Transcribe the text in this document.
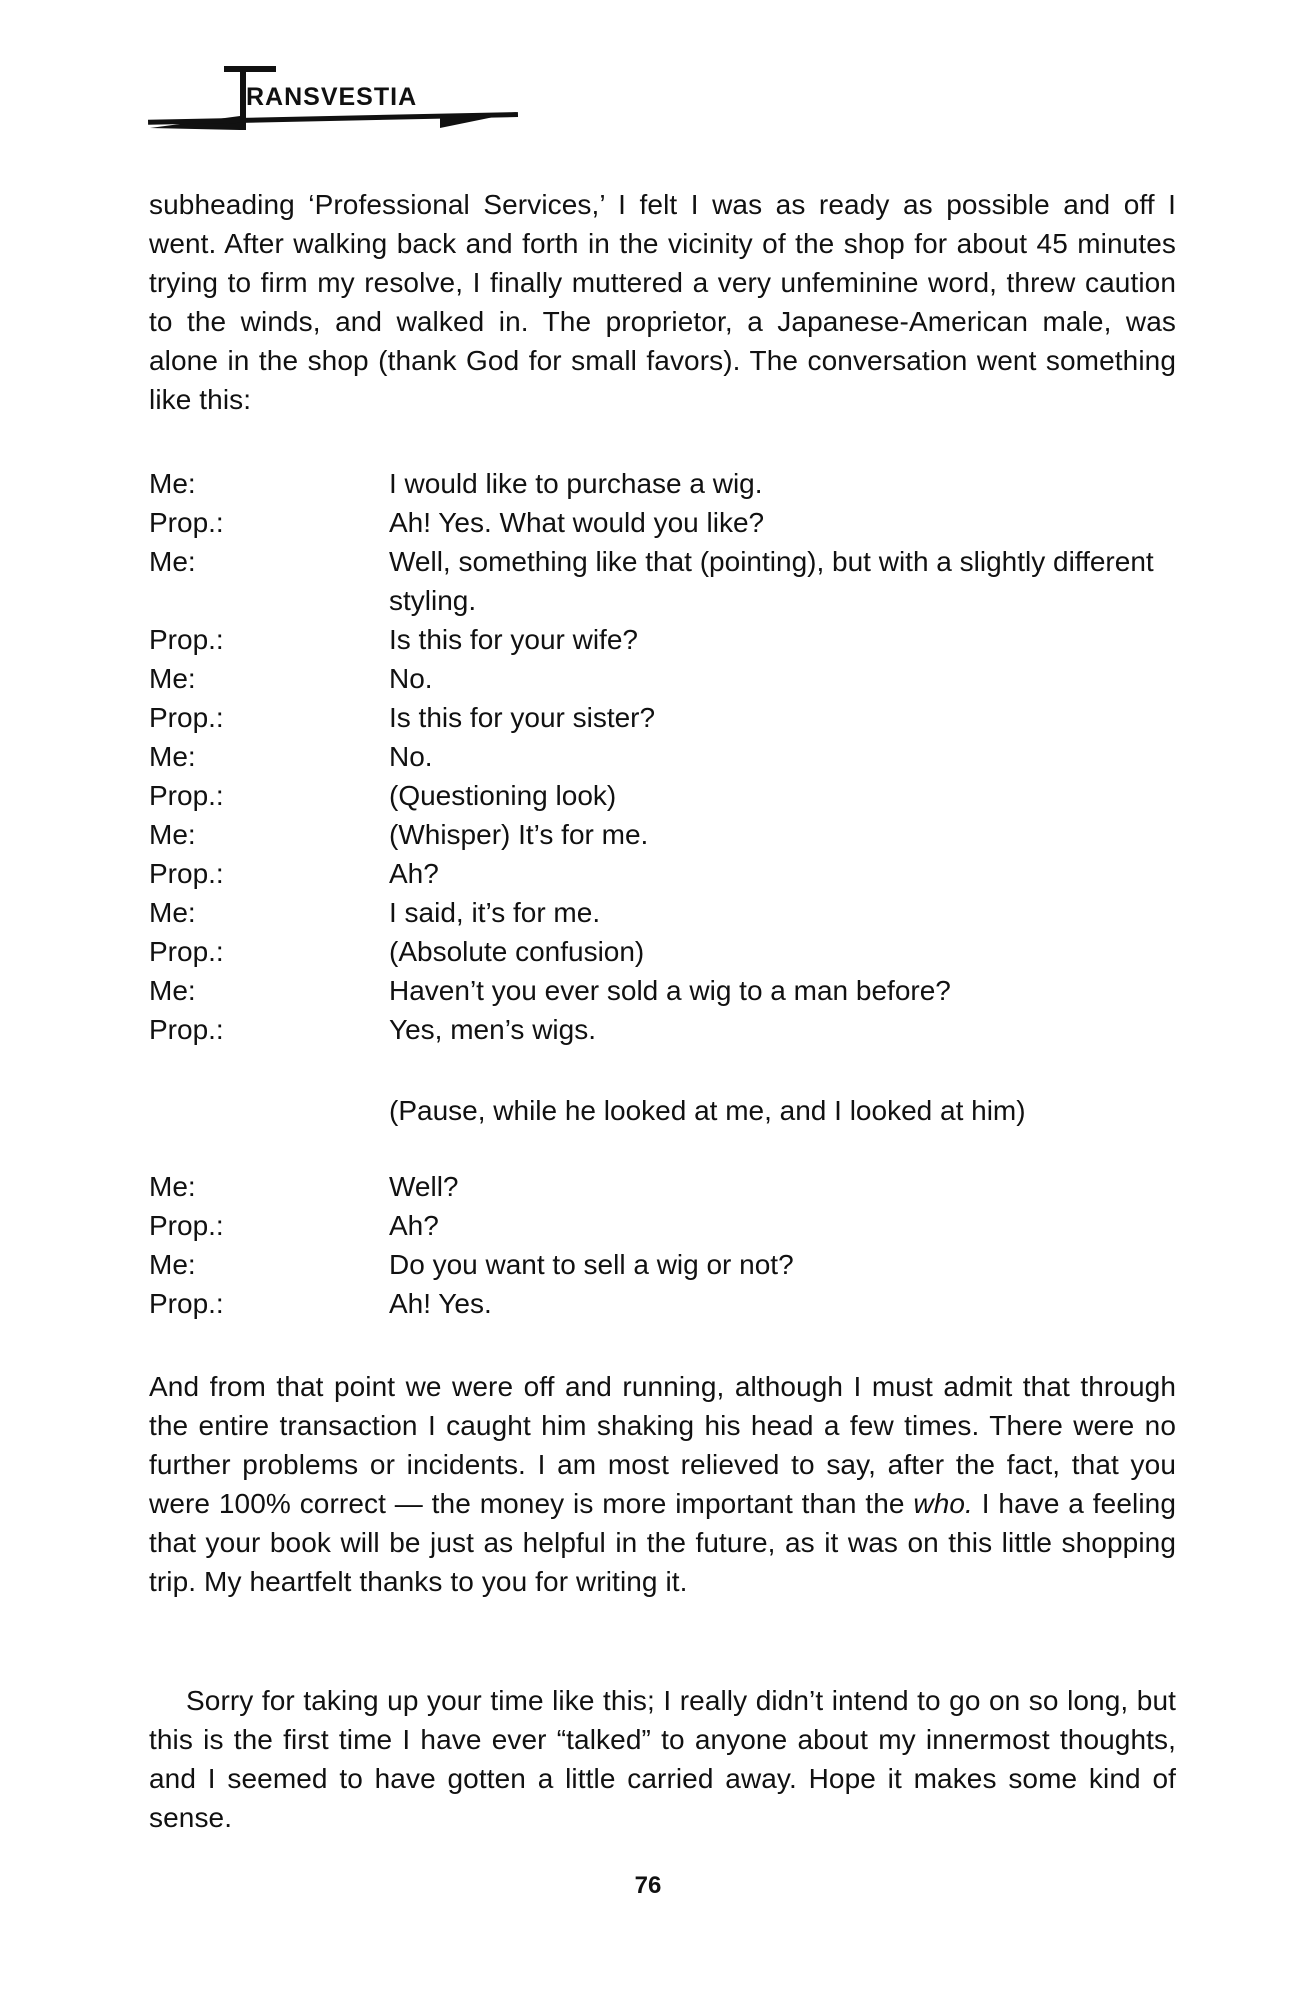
RANSVESTIA

subheading ‘Professional Services,’ I felt I was as ready as possible and off I went. After walking back and forth in the vicinity of the shop for about 45 minutes trying to firm my resolve, I finally muttered a very unfeminine word, threw caution to the winds, and walked in. The proprietor, a Japanese-American male, was alone in the shop (thank God for small favors). The conversation went something like this:

Me:	I would like to purchase a wig.
Prop.:	Ah! Yes. What would you like?
Me:	Well, something like that (pointing), but with a slightly different styling.
Prop.:	Is this for your wife?
Me:	No.
Prop.:	Is this for your sister?
Me:	No.
Prop.:	(Questioning look)
Me:	(Whisper) It’s for me.
Prop.:	Ah?
Me:	I said, it’s for me.
Prop.:	(Absolute confusion)
Me:	Haven’t you ever sold a wig to a man before?
Prop.:	Yes, men’s wigs.

(Pause, while he looked at me, and I looked at him)

Me:	Well?
Prop.:	Ah?
Me:	Do you want to sell a wig or not?
Prop.:	Ah! Yes.

And from that point we were off and running, although I must admit that through the entire transaction I caught him shaking his head a few times. There were no further problems or incidents. I am most relieved to say, after the fact, that you were 100% correct — the money is more important than the who. I have a feeling that your book will be just as helpful in the future, as it was on this little shopping trip. My heartfelt thanks to you for writing it.

Sorry for taking up your time like this; I really didn’t intend to go on so long, but this is the first time I have ever “talked” to anyone about my innermost thoughts, and I seemed to have gotten a little carried away. Hope it makes some kind of sense.

76
